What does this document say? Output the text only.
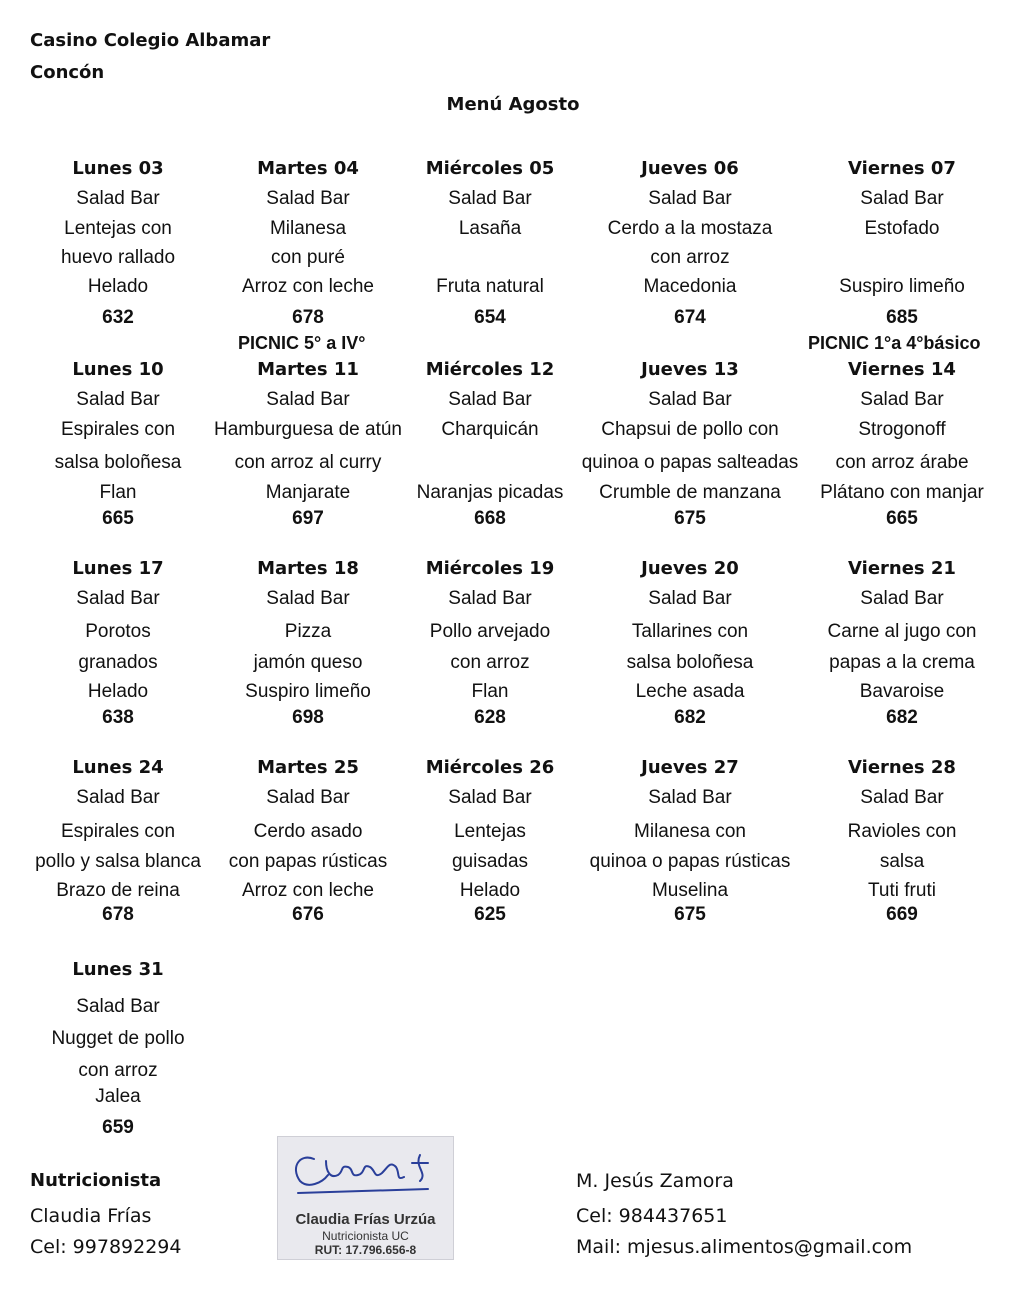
Casino Colegio Albamar
Concón
Menú Agosto
Lunes 03
Salad Bar
Lentejas con
huevo rallado
Helado
632
Martes 04
Salad Bar
Milanesa
con puré
Arroz con leche
678
Miércoles 05
Salad Bar
Lasaña
Fruta natural
654
Jueves 06
Salad Bar
Cerdo a la mostaza
con arroz
Macedonia
674
Viernes 07
Salad Bar
Estofado
Suspiro limeño
685
Lunes 10
Salad Bar
Espirales con
salsa boloñesa
Flan
665
Martes 11
Salad Bar
Hamburguesa de atún
con arroz al curry
Manjarate
697
Miércoles 12
Salad Bar
Charquicán
Naranjas picadas
668
Jueves 13
Salad Bar
Chapsui de pollo con
quinoa o papas salteadas
Crumble de manzana
675
Viernes 14
Salad Bar
Strogonoff
con arroz árabe
Plátano con manjar
665
Lunes 17
Salad Bar
Porotos
granados
Helado
638
Martes 18
Salad Bar
Pizza
jamón queso
Suspiro limeño
698
Miércoles 19
Salad Bar
Pollo arvejado
con arroz
Flan
628
Jueves 20
Salad Bar
Tallarines con
salsa boloñesa
Leche asada
682
Viernes 21
Salad Bar
Carne al jugo con
papas a la crema
Bavaroise
682
Lunes 24
Salad Bar
Espirales con
pollo y salsa blanca
Brazo de reina
678
Martes 25
Salad Bar
Cerdo asado
con papas rústicas
Arroz con leche
676
Miércoles 26
Salad Bar
Lentejas
guisadas
Helado
625
Jueves 27
Salad Bar
Milanesa con
quinoa o papas rústicas
Muselina
675
Viernes 28
Salad Bar
Ravioles con
salsa
Tuti fruti
669
Lunes 31
Salad Bar
Nugget de pollo
con arroz
Jalea
659
PICNIC 5° a IV°	PICNIC 1°a 4°básico
Nutricionista
Claudia Frías
Cel: 997892294
Claudia Frías Urzúa
Nutricionista UC
RUT: 17.796.656-8
M. Jesús Zamora
Cel: 984437651
Mail: mjesus.alimentos@gmail.com
